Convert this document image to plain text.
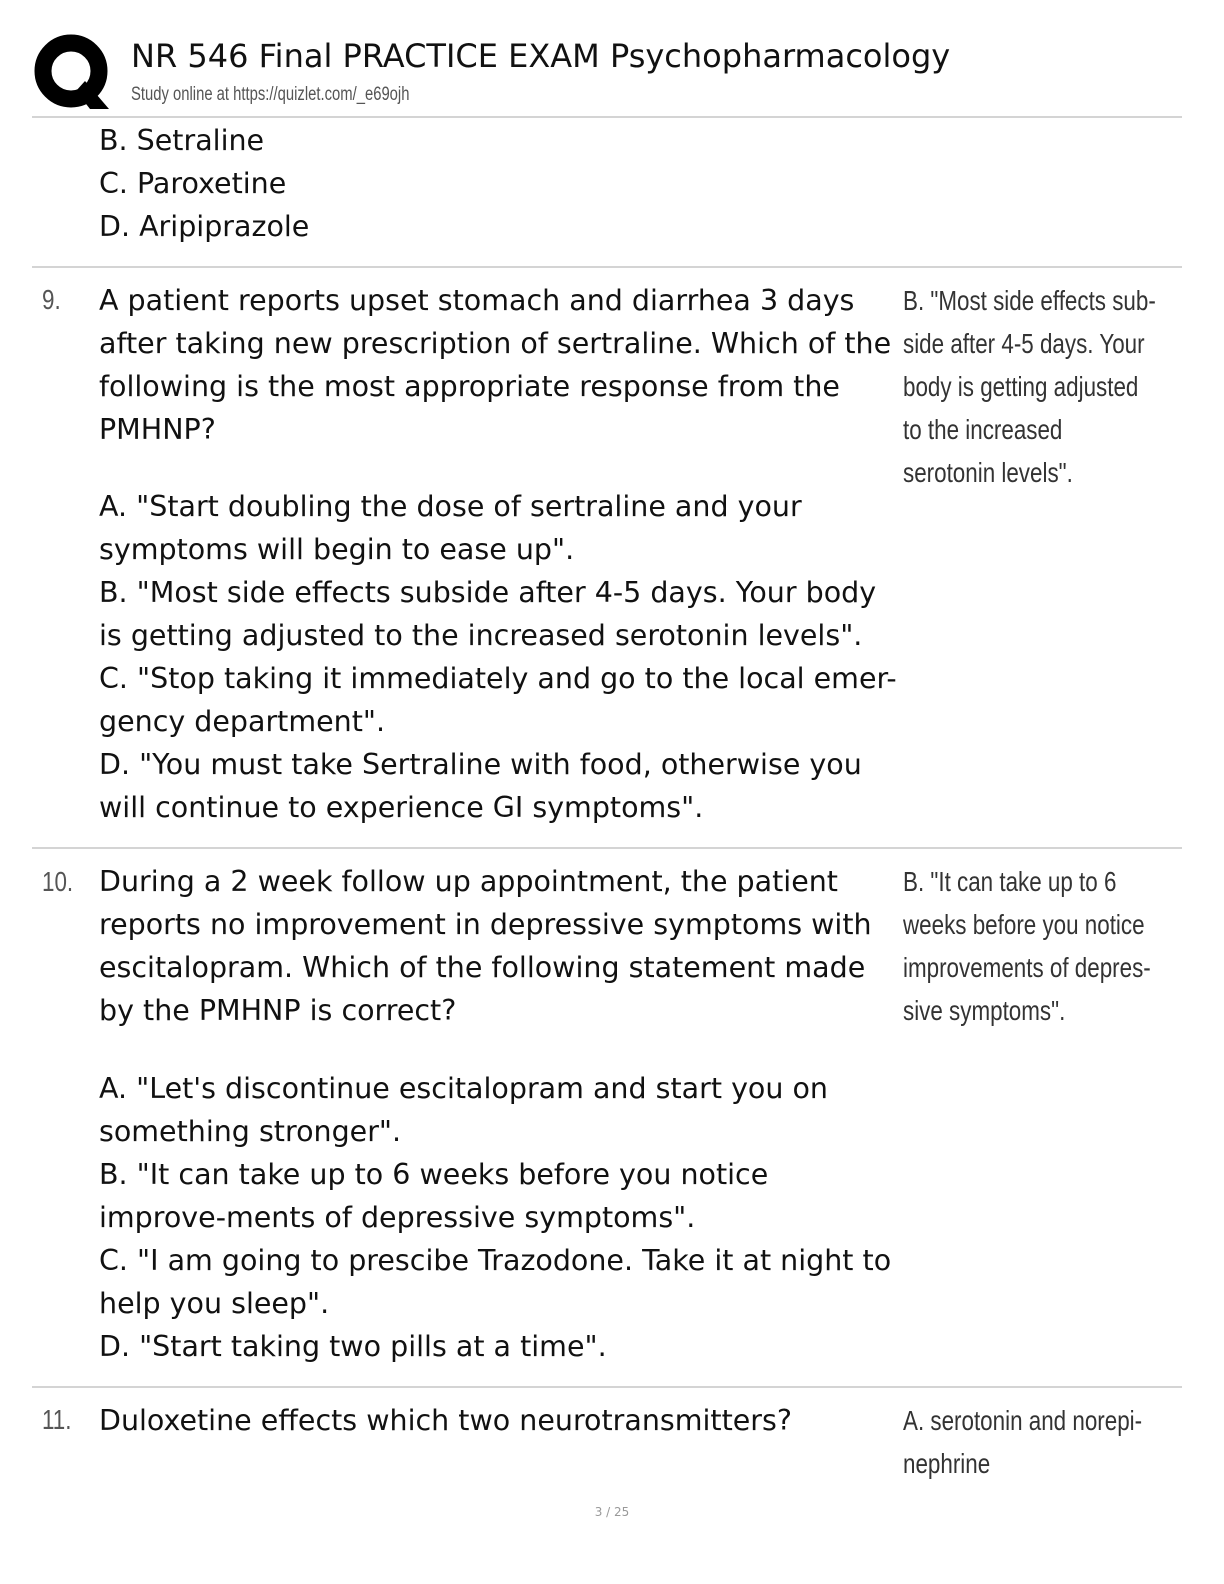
NR 546 Final PRACTICE EXAM Psychopharmacology
Study online at https://quizlet.com/_e69ojh
B. Setraline
C. Paroxetine
D. Aripiprazole
9. A patient reports upset stomach and diarrhea 3 days after taking new prescription of sertraline. Which of the following is the most appropriate response from the PMHNP?
A. "Start doubling the dose of sertraline and your symptoms will begin to ease up".
B. "Most side effects subside after 4-5 days. Your body is getting adjusted to the increased serotonin levels".
C. "Stop taking it immediately and go to the local emer-gency department".
D. "You must take Sertraline with food, otherwise you will continue to experience GI symptoms".
B. "Most side effects sub-side after 4-5 days. Your body is getting adjusted to the increased serotonin levels".
10. During a 2 week follow up appointment, the patient reports no improvement in depressive symptoms with escitalopram. Which of the following statement made by the PMHNP is correct?
A. "Let's discontinue escitalopram and start you on something stronger".
B. "It can take up to 6 weeks before you notice improve-ments of depressive symptoms".
C. "I am going to prescibe Trazodone. Take it at night to help you sleep".
D. "Start taking two pills at a time".
B. "It can take up to 6 weeks before you notice improvements of depres-sive symptoms".
11. Duloxetine effects which two neurotransmitters?	A. serotonin and norepi-nephrine
3 / 25
